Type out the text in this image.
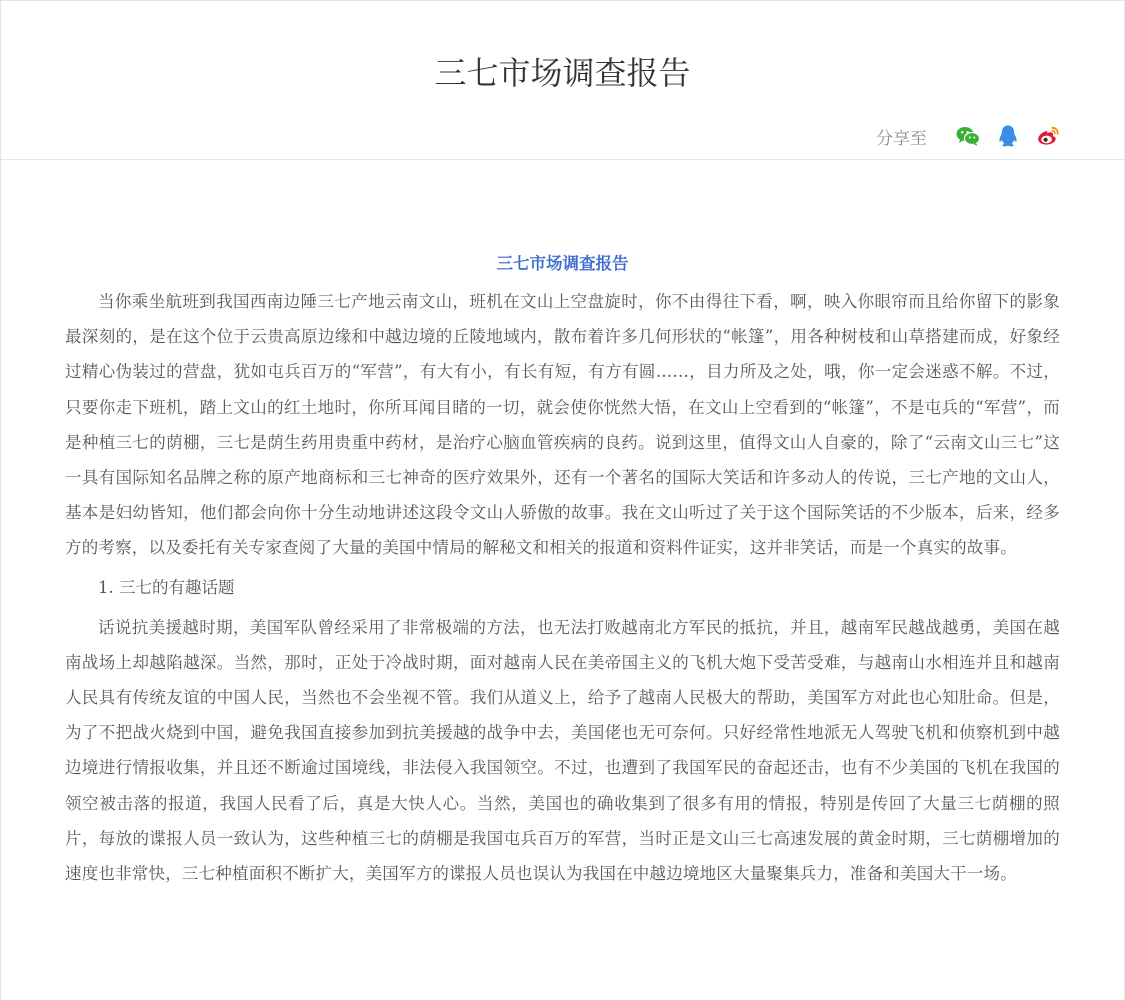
三七市场调查报告
分享至

三七市场调查报告

当你乘坐航班到我国西南边陲三七产地云南文山，班机在文山上空盘旋时，你不由得往下看，啊，映入你眼帘而且给你留下的影象最深刻的，是在这个位于云贵高原边缘和中越边境的丘陵地域内，散布着许多几何形状的“帐篷”，用各种树枝和山草搭建而成，好象经过精心伪装过的营盘，犹如屯兵百万的“军营”，有大有小，有长有短，有方有圆……，目力所及之处，哦，你一定会迷惑不解。不过，只要你走下班机，踏上文山的红土地时，你所耳闻目睹的一切，就会使你恍然大悟，在文山上空看到的“帐篷”，不是屯兵的“军营”，而是种植三七的荫棚，三七是荫生药用贵重中药材，是治疗心脑血管疾病的良药。说到这里，值得文山人自豪的，除了“云南文山三七”这一具有国际知名品牌之称的原产地商标和三七神奇的医疗效果外，还有一个著名的国际大笑话和许多动人的传说，三七产地的文山人，基本是妇幼皆知，他们都会向你十分生动地讲述这段令文山人骄傲的故事。我在文山听过了关于这个国际笑话的不少版本，后来，经多方的考察，以及委托有关专家查阅了大量的美国中情局的解秘文和相关的报道和资料件证实，这并非笑话，而是一个真实的故事。

1. 三七的有趣话题

话说抗美援越时期，美国军队曾经采用了非常极端的方法，也无法打败越南北方军民的抵抗，并且，越南军民越战越勇，美国在越南战场上却越陷越深。当然，那时，正处于冷战时期，面对越南人民在美帝国主义的飞机大炮下受苦受难，与越南山水相连并且和越南人民具有传统友谊的中国人民，当然也不会坐视不管。我们从道义上，给予了越南人民极大的帮助，美国军方对此也心知肚命。但是，为了不把战火烧到中国，避免我国直接参加到抗美援越的战争中去，美国佬也无可奈何。只好经常性地派无人驾驶飞机和侦察机到中越边境进行情报收集，并且还不断逾过国境线，非法侵入我国领空。不过，也遭到了我国军民的奋起还击，也有不少美国的飞机在我国的领空被击落的报道，我国人民看了后，真是大快人心。当然，美国也的确收集到了很多有用的情报，特别是传回了大量三七荫棚的照片，每放的谍报人员一致认为，这些种植三七的荫棚是我国屯兵百万的军营，当时正是文山三七高速发展的黄金时期，三七荫棚增加的速度也非常快，三七种植面积不断扩大，美国军方的谍报人员也误认为我国在中越边境地区大量聚集兵力，准备和美国大干一场。
